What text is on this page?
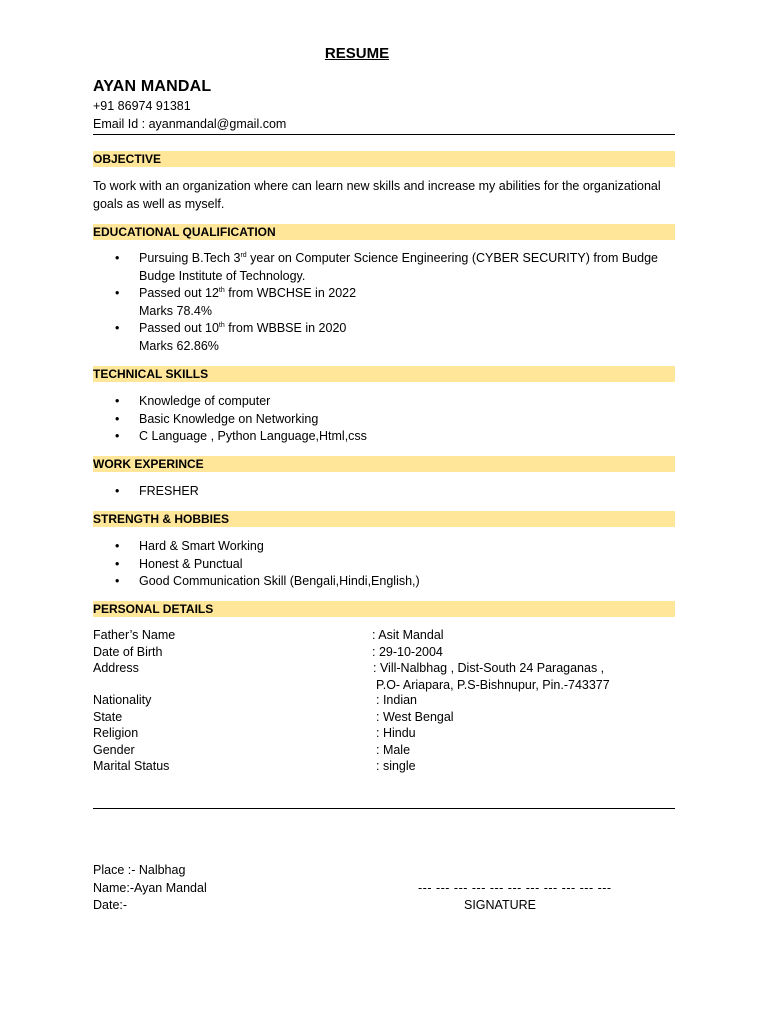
RESUME
AYAN MANDAL
+91 86974 91381
Email Id : ayanmandal@gmail.com
OBJECTIVE
To work with an organization where can learn new skills and increase my abilities for the organizational goals as well as myself.
EDUCATIONAL QUALIFICATION
• Pursuing B.Tech 3rd year on Computer Science Engineering (CYBER SECURITY) from Budge Budge Institute of Technology.
• Passed out 12th from WBCHSE in 2022
Marks 78.4%
• Passed out 10th from WBBSE in 2020
Marks 62.86%
TECHNICAL SKILLS
• Knowledge of computer
• Basic Knowledge on Networking
• C Language , Python Language,Html,css
WORK EXPERINCE
• FRESHER
STRENGTH & HOBBIES
• Hard & Smart Working
• Honest & Punctual
• Good Communication Skill (Bengali,Hindi,English,)
PERSONAL DETAILS
Father’s Name	: Asit Mandal
Date of Birth	: 29-10-2004
Address	: Vill-Nalbhag , Dist-South 24 Paraganas ,
P.O- Ariapara, P.S-Bishnupur, Pin.-743377
Nationality	: Indian
State	: West Bengal
Religion	: Hindu
Gender	: Male
Marital Status	: single
Place :- Nalbhag
Name:-Ayan Mandal
Date:-
--- --- --- --- --- --- --- --- --- --- ---
SIGNATURE
